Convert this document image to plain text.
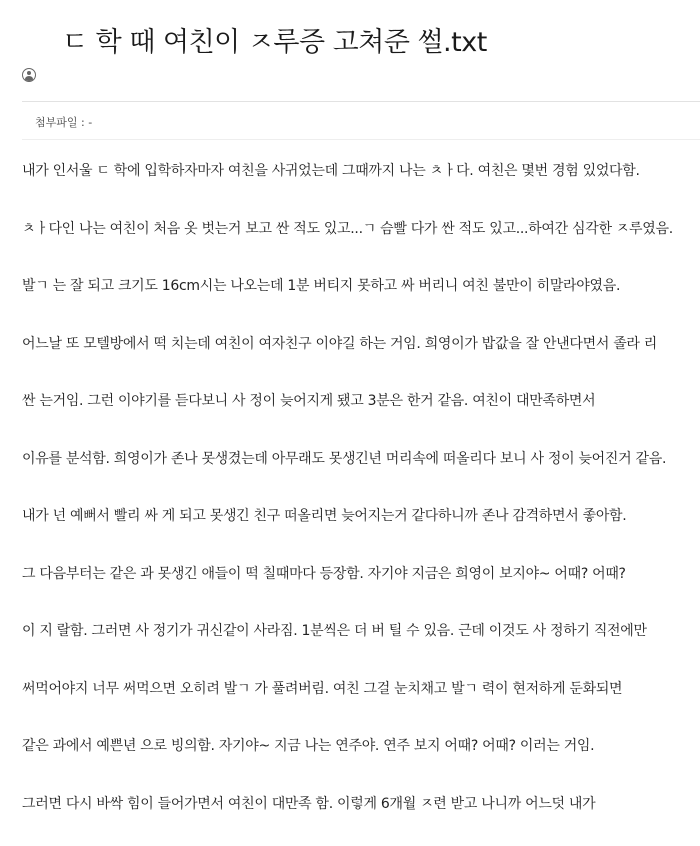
ㄷ 학 때 여친이 ㅈ루증 고쳐준 썰.txt
첨부파일 : -

내가 인서울 ㄷ 학에 입학하자마자 여친을 사귀었는데 그때까지 나는 ㅊㅏ다. 여친은 몇번 경험 있었다함.

ㅊㅏ다인 나는 여친이 처음 옷 벗는거 보고 싼 적도 있고...ㄱ 슴빨 다가 싼 적도 있고...하여간 심각한 ㅈ루였음.

발ㄱ 는 잘 되고 크기도 16cm시는 나오는데 1분 버티지 못하고 싸 버리니 여친 불만이 히말라야였음.

어느날 또 모텔방에서 떡 치는데 여친이 여자친구 이야길 하는 거임. 희영이가 밥값을 잘 안낸다면서 졸라 리

싼 는거임. 그런 이야기를 듣다보니 사 정이 늦어지게 됐고 3분은 한거 같음. 여친이 대만족하면서

이유를 분석함. 희영이가 존나 못생겼는데 아무래도 못생긴년 머리속에 떠올리다 보니 사 정이 늦어진거 같음.

내가 넌 예뻐서 빨리 싸 게 되고 못생긴 친구 떠올리면 늦어지는거 같다하니까 존나 감격하면서 좋아함.

그 다음부터는 같은 과 못생긴 애들이 떡 칠때마다 등장함. 자기야 지금은 희영이 보지야~ 어때? 어때?

이 지 랄함. 그러면 사 정기가 귀신같이 사라짐. 1분씩은 더 버 틸 수 있음. 근데 이것도 사 정하기 직전에만

써먹어야지 너무 써먹으면 오히려 발ㄱ 가 풀려버림. 여친 그걸 눈치채고 발ㄱ 력이 현저하게 둔화되면

같은 과에서 예쁜년 으로 빙의함. 자기야~ 지금 나는 연주야. 연주 보지 어때? 어때? 이러는 거임.

그러면 다시 바싹 힘이 들어가면서 여친이 대만족 함. 이렇게 6개월 ㅈ련 받고 나니까 어느덧 내가
